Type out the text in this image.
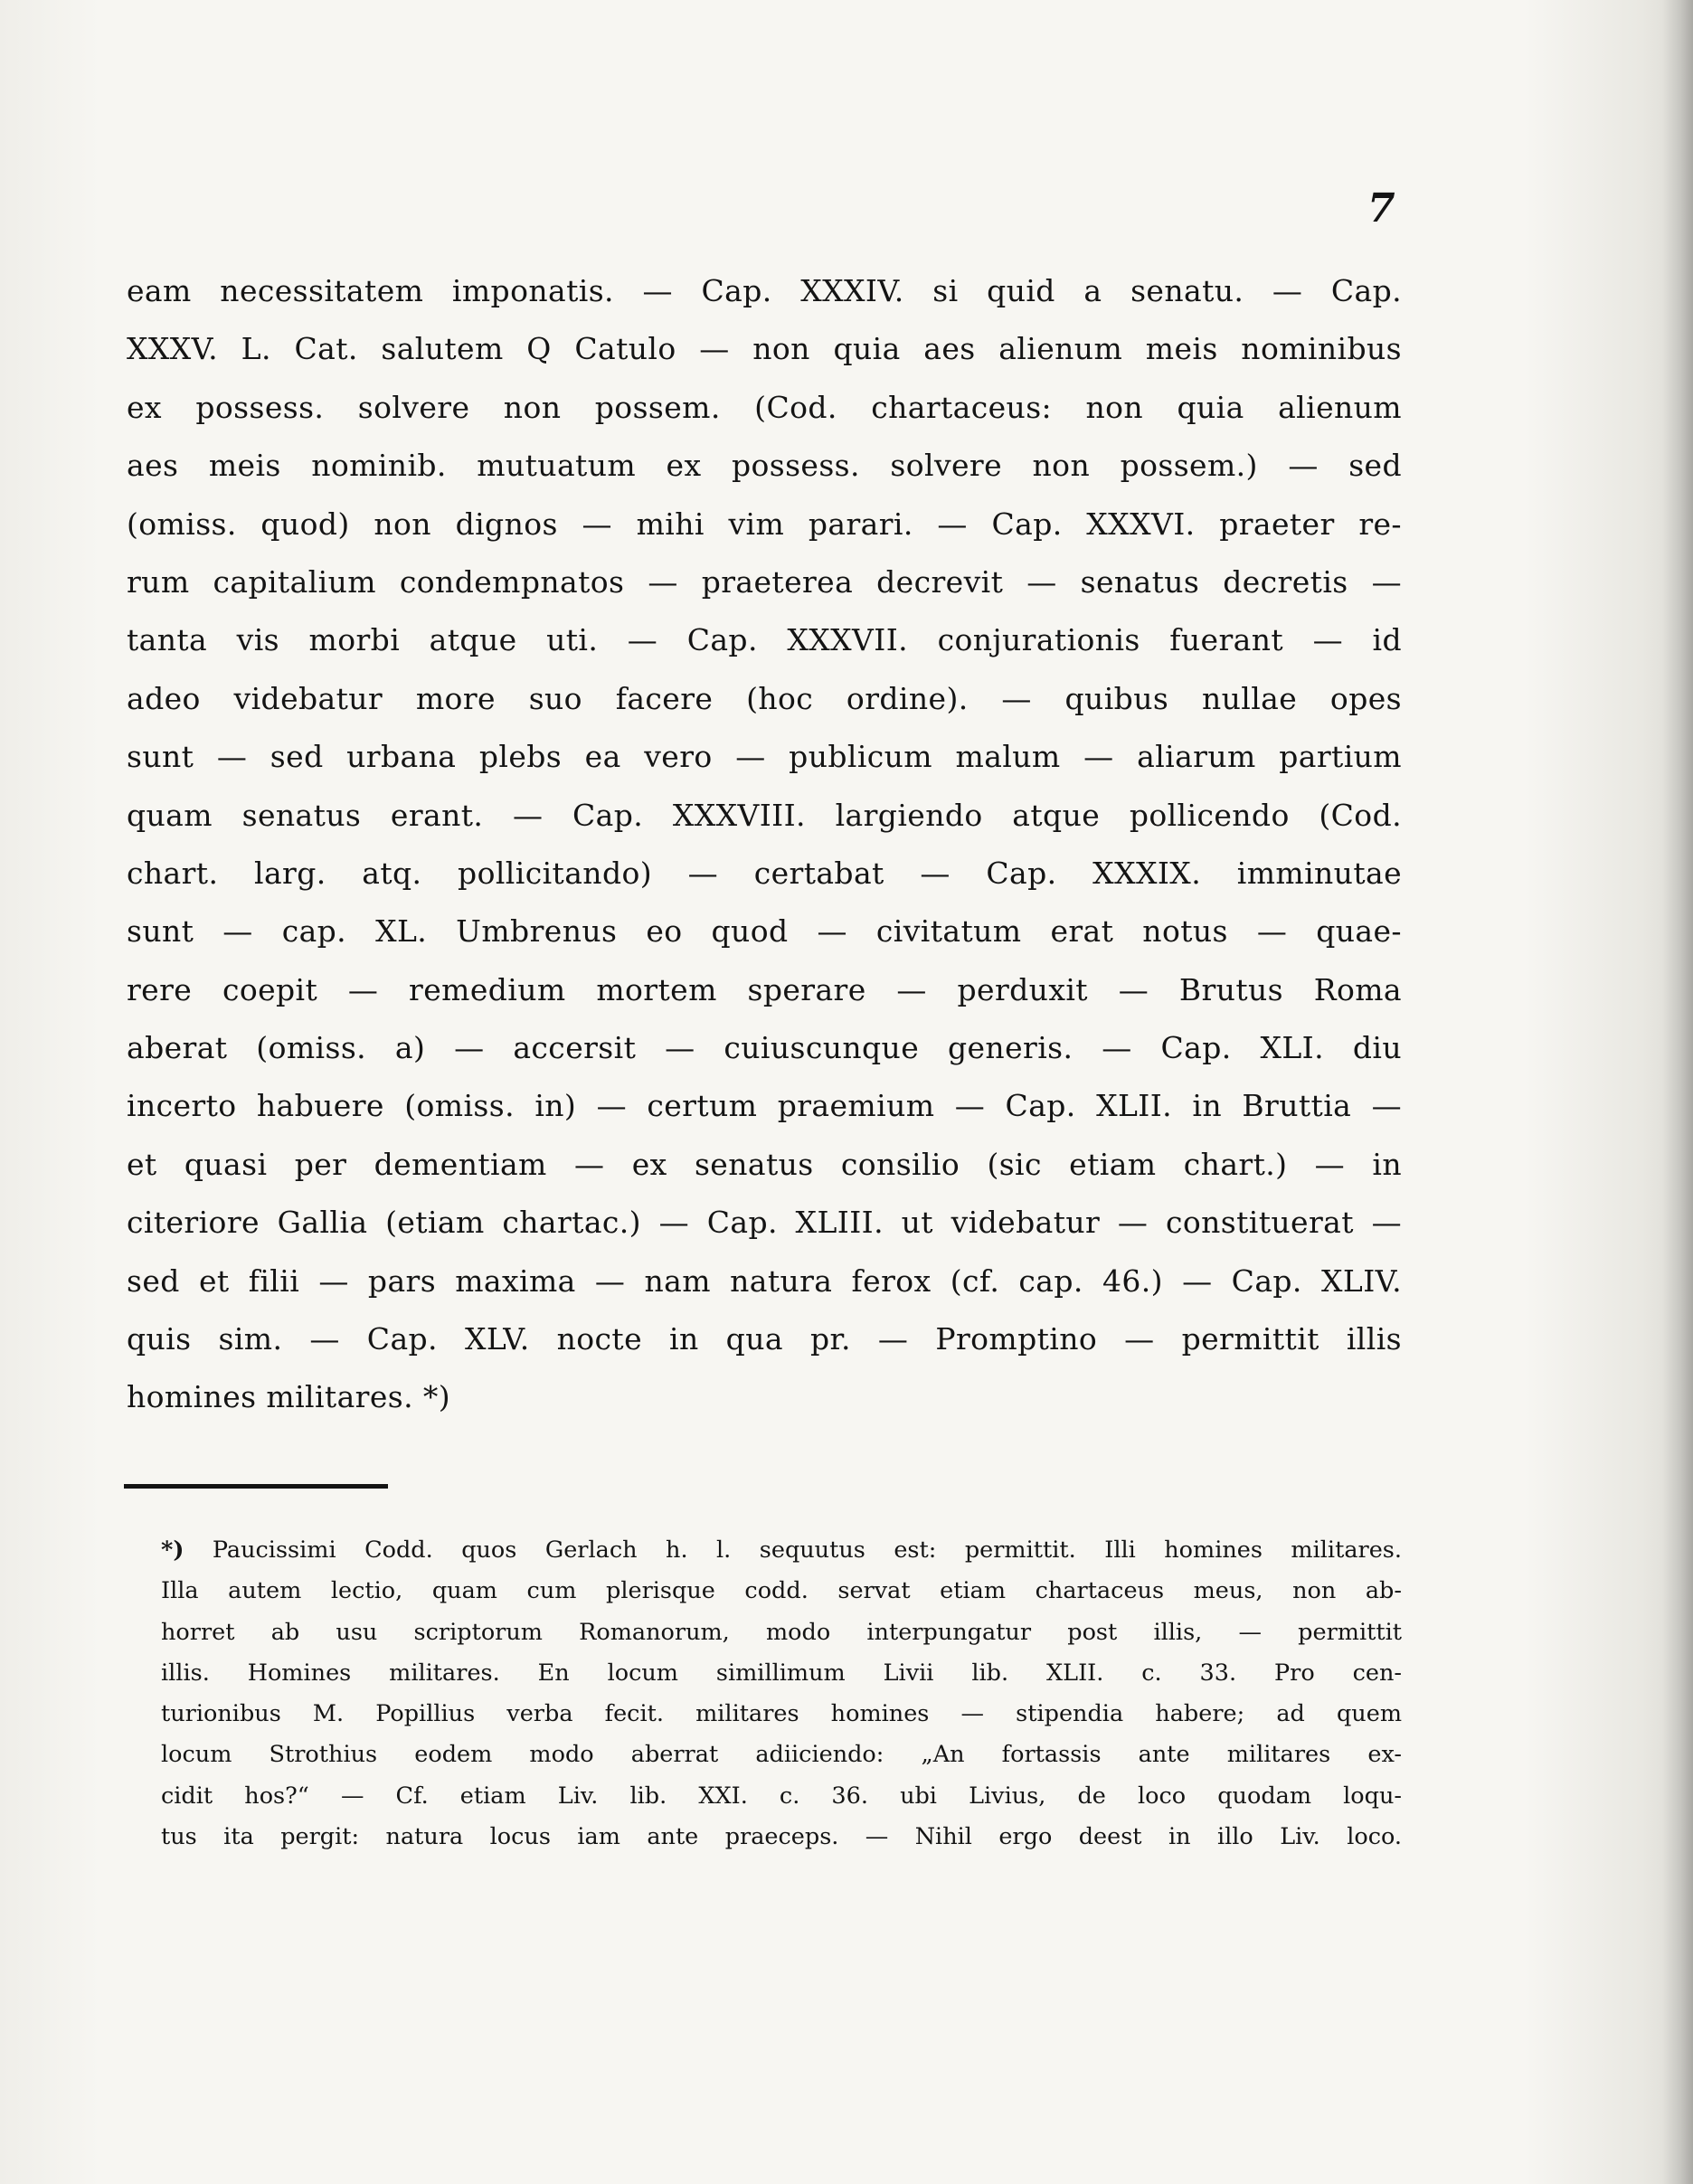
7
eam necessitatem imponatis. — Cap. XXXIV. si quid a senatu. — Cap.
XXXV. L. Cat. salutem Q Catulo — non quia aes alienum meis nominibus
ex possess. solvere non possem. (Cod. chartaceus: non quia alienum
aes meis nominib. mutuatum ex possess. solvere non possem.) — sed
(omiss. quod) non dignos — mihi vim parari. — Cap. XXXVI. praeter re-
rum capitalium condempnatos — praeterea decrevit — senatus decretis —
tanta vis morbi atque uti. — Cap. XXXVII. conjurationis fuerant — id
adeo videbatur more suo facere (hoc ordine). — quibus nullae opes
sunt — sed urbana plebs ea vero — publicum malum — aliarum partium
quam senatus erant. — Cap. XXXVIII. largiendo atque pollicendo (Cod.
chart. larg. atq. pollicitando) — certabat — Cap. XXXIX. imminutae
sunt — cap. XL. Umbrenus eo quod — civitatum erat notus — quae-
rere coepit — remedium mortem sperare — perduxit — Brutus Roma
aberat (omiss. a) — accersit — cuiuscunque generis. — Cap. XLI. diu
incerto habuere (omiss. in) — certum praemium — Cap. XLII. in Bruttia —
et quasi per dementiam — ex senatus consilio (sic etiam chart.) — in
citeriore Gallia (etiam chartac.) — Cap. XLIII. ut videbatur — constituerat —
sed et filii — pars maxima — nam natura ferox (cf. cap. 46.) — Cap. XLIV.
quis sim. — Cap. XLV. nocte in qua pr. — Promptino — permittit illis
homines militares. *)
*) Paucissimi Codd. quos Gerlach h. l. sequutus est: permittit. Illi homines militares.
Illa autem lectio, quam cum plerisque codd. servat etiam chartaceus meus, non ab-
horret ab usu scriptorum Romanorum, modo interpungatur post illis, — permittit
illis. Homines militares. En locum simillimum Livii lib. XLII. c. 33. Pro cen-
turionibus M. Popillius verba fecit. militares homines — stipendia habere; ad quem
locum Strothius eodem modo aberrat adiiciendo: „An fortassis ante militares ex-
cidit hos?“ — Cf. etiam Liv. lib. XXI. c. 36. ubi Livius, de loco quodam loqu-
tus ita pergit: natura locus iam ante praeceps. — Nihil ergo deest in illo Liv. loco.
